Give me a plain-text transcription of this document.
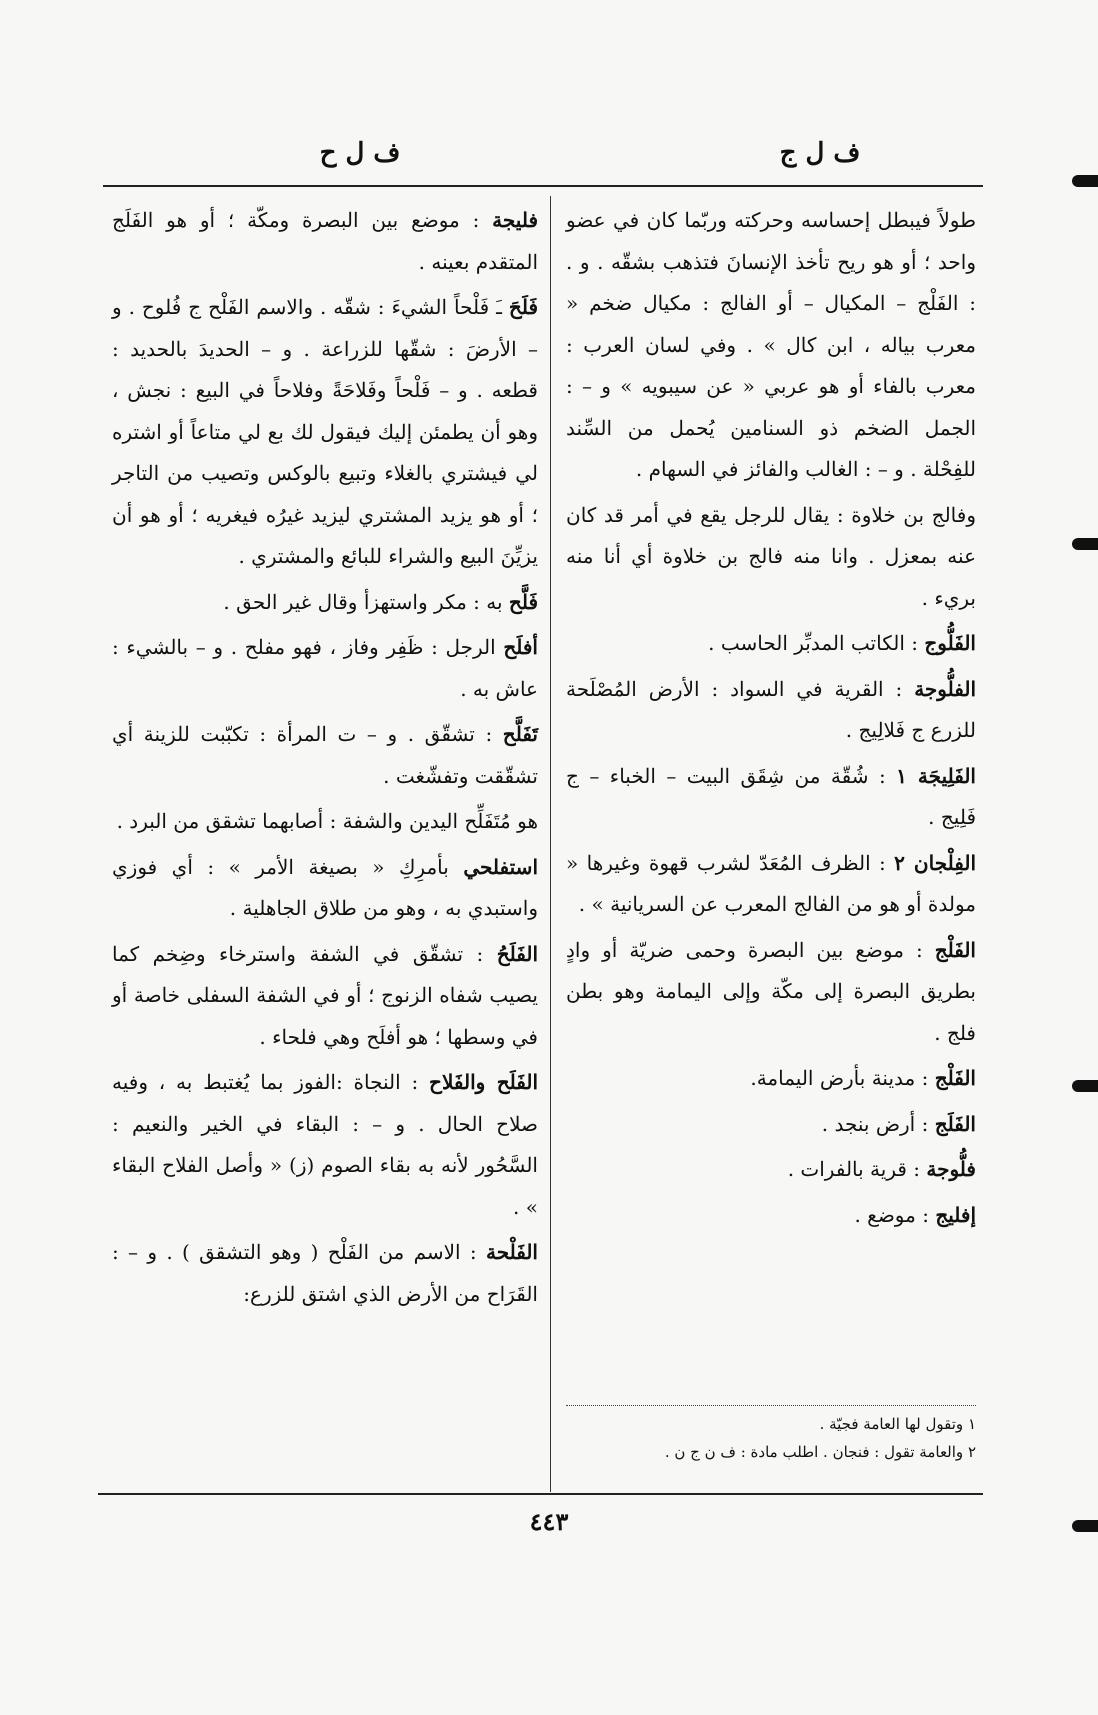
ف ل ج
ف ل ح

طولاً فيبطل إحساسه وحركته وربّما كان في عضو واحد ؛ أو هو ريح تأخذ الإنسانَ فتذهب بشقّه . و . : الفَلْج – المكيال – أو الفالج : مكيال ضخم « معرب بياله ، ابن كال » . وفي لسان العرب : معرب بالفاء أو هو عربي « عن سيبويه » و – : الجمل الضخم ذو السنامين يُحمل من السِّند للفِحْلة . و – : الغالب والفائز في السهام .

وفالج بن خلاوة : يقال للرجل يقع في أمر قد كان عنه بمعزل . وانا منه فالج بن خلاوة أي أنا منه بريء .

الفَلُّوج : الكاتب المدبِّر الحاسب .

الفلُّوجة : القرية في السواد : الأرض المُصْلَحة للزرع ج فَلالِيج .

الفَلِيجَة ١ : شُقّة من شِقَق البيت – الخباء – ج فَلِيج .

الفِلْجان ٢ : الظرف المُعَدّ لشرب قهوة وغيرها « مولدة أو هو من الفالج المعرب عن السريانية » .

الفَلْج : موضع بين البصرة وحمى ضريّة أو وادٍ بطريق البصرة إلى مكّة وإلى اليمامة وهو بطن فلج .

الفَلْج : مدينة بأرض اليمامة.

الفَلَج : أرض بنجد .

فلُّوجة : قرية بالفرات .

إفليج : موضع .

١ وتقول لها العامة فجيّة .
٢ والعامة تقول : فنجان . اطلب مادة : ف ن ج ن .

فليجة : موضع بين البصرة ومكّة ؛ أو هو الفَلَج المتقدم بعينه .

فَلَحَ ـَ فَلْحاً الشيءَ : شقّه . والاسم الفَلْح ج فُلوح . و – الأرضَ : شقّها للزراعة . و – الحديدَ بالحديد : قطعه . و – فَلْحاً وفَلاحَةً وفلاحاً في البيع : نجش ، وهو أن يطمئن إليك فيقول لك بع لي متاعاً أو اشتره لي فيشتري بالغلاء وتبيع بالوكس وتصيب من التاجر ؛ أو هو يزيد المشتري ليزيد غيرُه فيغريه ؛ أو هو أن يزيِّنَ البيع والشراء للبائع والمشتري .

فَلَّح به : مكر واستهزأ وقال غير الحق .

أفلَح الرجل : ظَفِر وفاز ، فهو مفلح . و – بالشيء : عاش به .

تَفَلَّح : تشقّق . و – ت المرأة : تكبّبت للزينة أي تشقّقت وتفشّغت .

هو مُتَفَلِّح اليدين والشفة : أصابهما تشقق من البرد .

استفلحي بأمرِكِ « بصيغة الأمر » : أي فوزي واستبدي به ، وهو من طلاق الجاهلية .

الفَلَحُ : تشقّق في الشفة واسترخاء وضِخم كما يصيب شفاه الزنوج ؛ أو في الشفة السفلى خاصة أو في وسطها ؛ هو أفلَح وهي فلحاء .

الفَلَح والفَلاح : النجاة :الفوز بما يُغتبط به ، وفيه صلاح الحال . و – : البقاء في الخير والنعيم : السَّحُور لأنه به بقاء الصوم (ز) « وأصل الفلاح البقاء » .

الفَلْحة : الاسم من الفَلْح ( وهو التشقق ) . و – : القَرَاح من الأرض الذي اشتق للزرع:

٤٤٣
